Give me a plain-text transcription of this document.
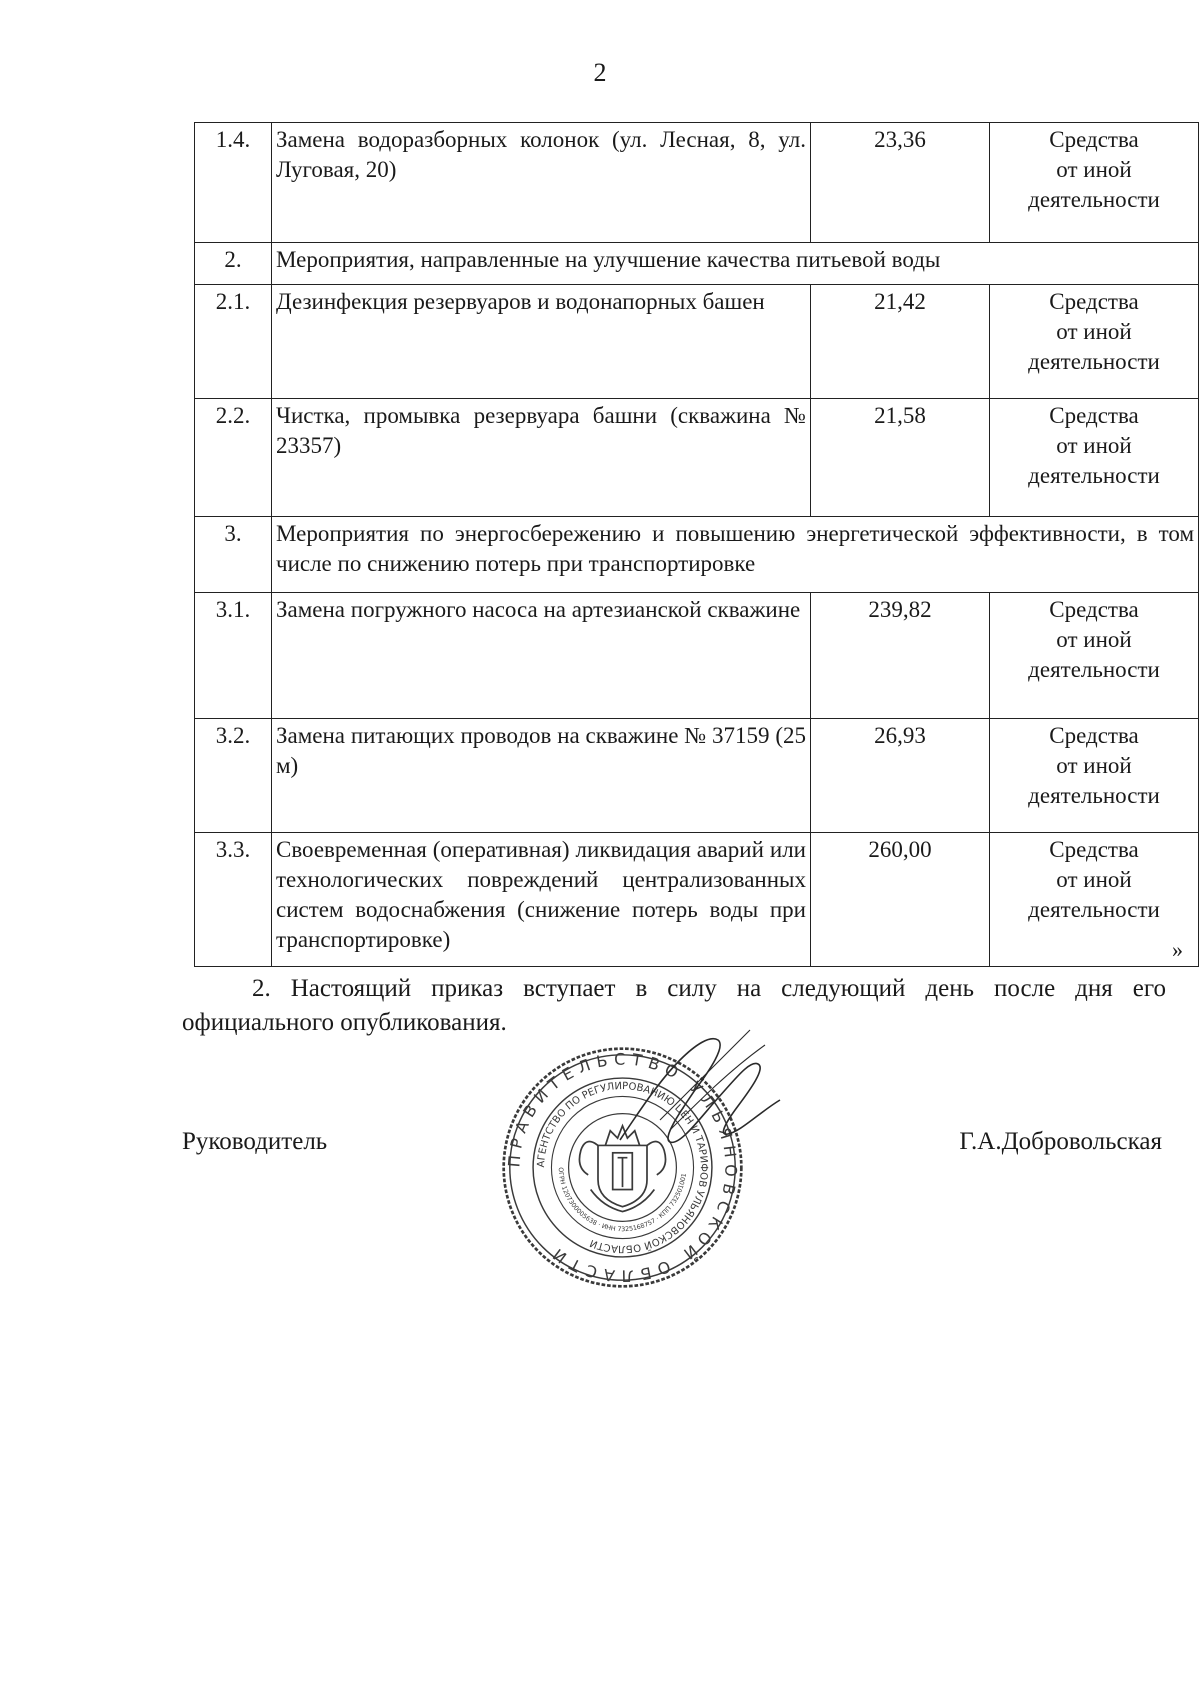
2
1.4.	Замена водоразборных колонок (ул. Лесная, 8, ул. Луговая, 20)	23,36	Средства
от иной
деятельности

2.	Мероприятия, направленные на улучшение качества питьевой воды		
2.1.	Дезинфекция резервуаров и водонапорных башен	21,42	Средства
от иной
деятельности

2.2.	Чистка, промывка резервуара башни (скважина № 23357)	21,58	Средства
от иной
деятельности

3.	Мероприятия по энергосбережению и повышению энергетической эффективности, в том числе по снижению потерь при транспортировке		
3.1.	Замена погружного насоса на артезианской скважине	239,82	Средства
от иной
деятельности

3.2.	Замена питающих проводов на скважине № 37159 (25 м)	26,93	Средства
от иной
деятельности

3.3.	Своевременная (оперативная) ликвидация аварий или технологических повреждений централизованных систем водоснабжения (снижение потерь воды при транспортировке)	260,00	Средства
от иной
деятельности
»
2. Настоящий приказ вступает в силу на следующий день после дня его официального опубликования.
Руководитель
ПРАВИТЕЛЬСТВО УЛЬЯНОВСКОЙ ОБЛАСТИ
АГЕНТСТВО ПО РЕГУЛИРОВАНИЮ ЦЕН И ТАРИФОВ УЛЬЯНОВСКОЙ ОБЛАСТИ
ОГРН 1207300005638 · ИНН 7325168757 · КПП 732501001
Г.А.Добровольская
